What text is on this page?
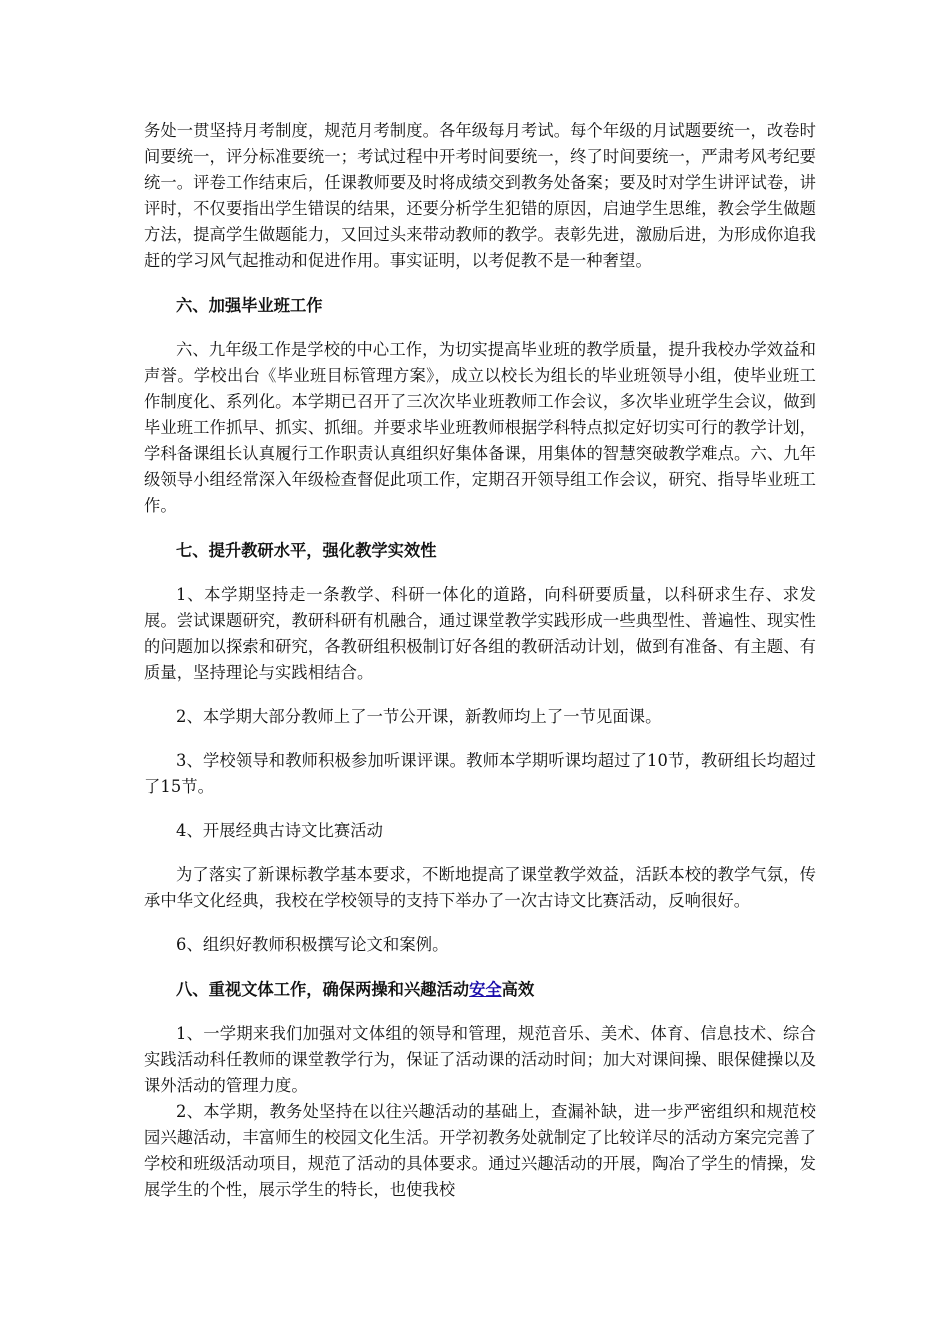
务处一贯坚持月考制度，规范月考制度。各年级每月考试。每个年级的月试题要统一，改卷时间要统一，评分标准要统一；考试过程中开考时间要统一，终了时间要统一，严肃考风考纪要统一。评卷工作结束后，任课教师要及时将成绩交到教务处备案；要及时对学生讲评试卷，讲评时，不仅要指出学生错误的结果，还要分析学生犯错的原因，启迪学生思维，教会学生做题方法，提高学生做题能力，又回过头来带动教师的教学。表彰先进，激励后进，为形成你追我赶的学习风气起推动和促进作用。事实证明，以考促教不是一种奢望。

六、加强毕业班工作

六、九年级工作是学校的中心工作，为切实提高毕业班的教学质量，提升我校办学效益和声誉。学校出台《毕业班目标管理方案》，成立以校长为组长的毕业班领导小组，使毕业班工作制度化、系列化。本学期已召开了三次次毕业班教师工作会议，多次毕业班学生会议，做到毕业班工作抓早、抓实、抓细。并要求毕业班教师根据学科特点拟定好切实可行的教学计划，学科备课组长认真履行工作职责认真组织好集体备课，用集体的智慧突破教学难点。六、九年级领导小组经常深入年级检查督促此项工作，定期召开领导组工作会议，研究、指导毕业班工作。

七、提升教研水平，强化教学实效性

1、本学期坚持走一条教学、科研一体化的道路，向科研要质量，以科研求生存、求发展。尝试课题研究，教研科研有机融合，通过课堂教学实践形成一些典型性、普遍性、现实性的问题加以探索和研究，各教研组积极制订好各组的教研活动计划，做到有准备、有主题、有质量，坚持理论与实践相结合。

2、本学期大部分教师上了一节公开课，新教师均上了一节见面课。

3、学校领导和教师积极参加听课评课。教师本学期听课均超过了10节，教研组长均超过了15节。

4、开展经典古诗文比赛活动

为了落实了新课标教学基本要求，不断地提高了课堂教学效益，活跃本校的教学气氛，传承中华文化经典，我校在学校领导的支持下举办了一次古诗文比赛活动，反响很好。

6、组织好教师积极撰写论文和案例。

八、重视文体工作，确保两操和兴趣活动安全高效

1、一学期来我们加强对文体组的领导和管理，规范音乐、美术、体育、信息技术、综合实践活动科任教师的课堂教学行为，保证了活动课的活动时间；加大对课间操、眼保健操以及课外活动的管理力度。

2、本学期，教务处坚持在以往兴趣活动的基础上，查漏补缺，进一步严密组织和规范校园兴趣活动，丰富师生的校园文化生活。开学初教务处就制定了比较详尽的活动方案完完善了学校和班级活动项目，规范了活动的具体要求。通过兴趣活动的开展，陶冶了学生的情操，发展学生的个性，展示学生的特长，也使我校
